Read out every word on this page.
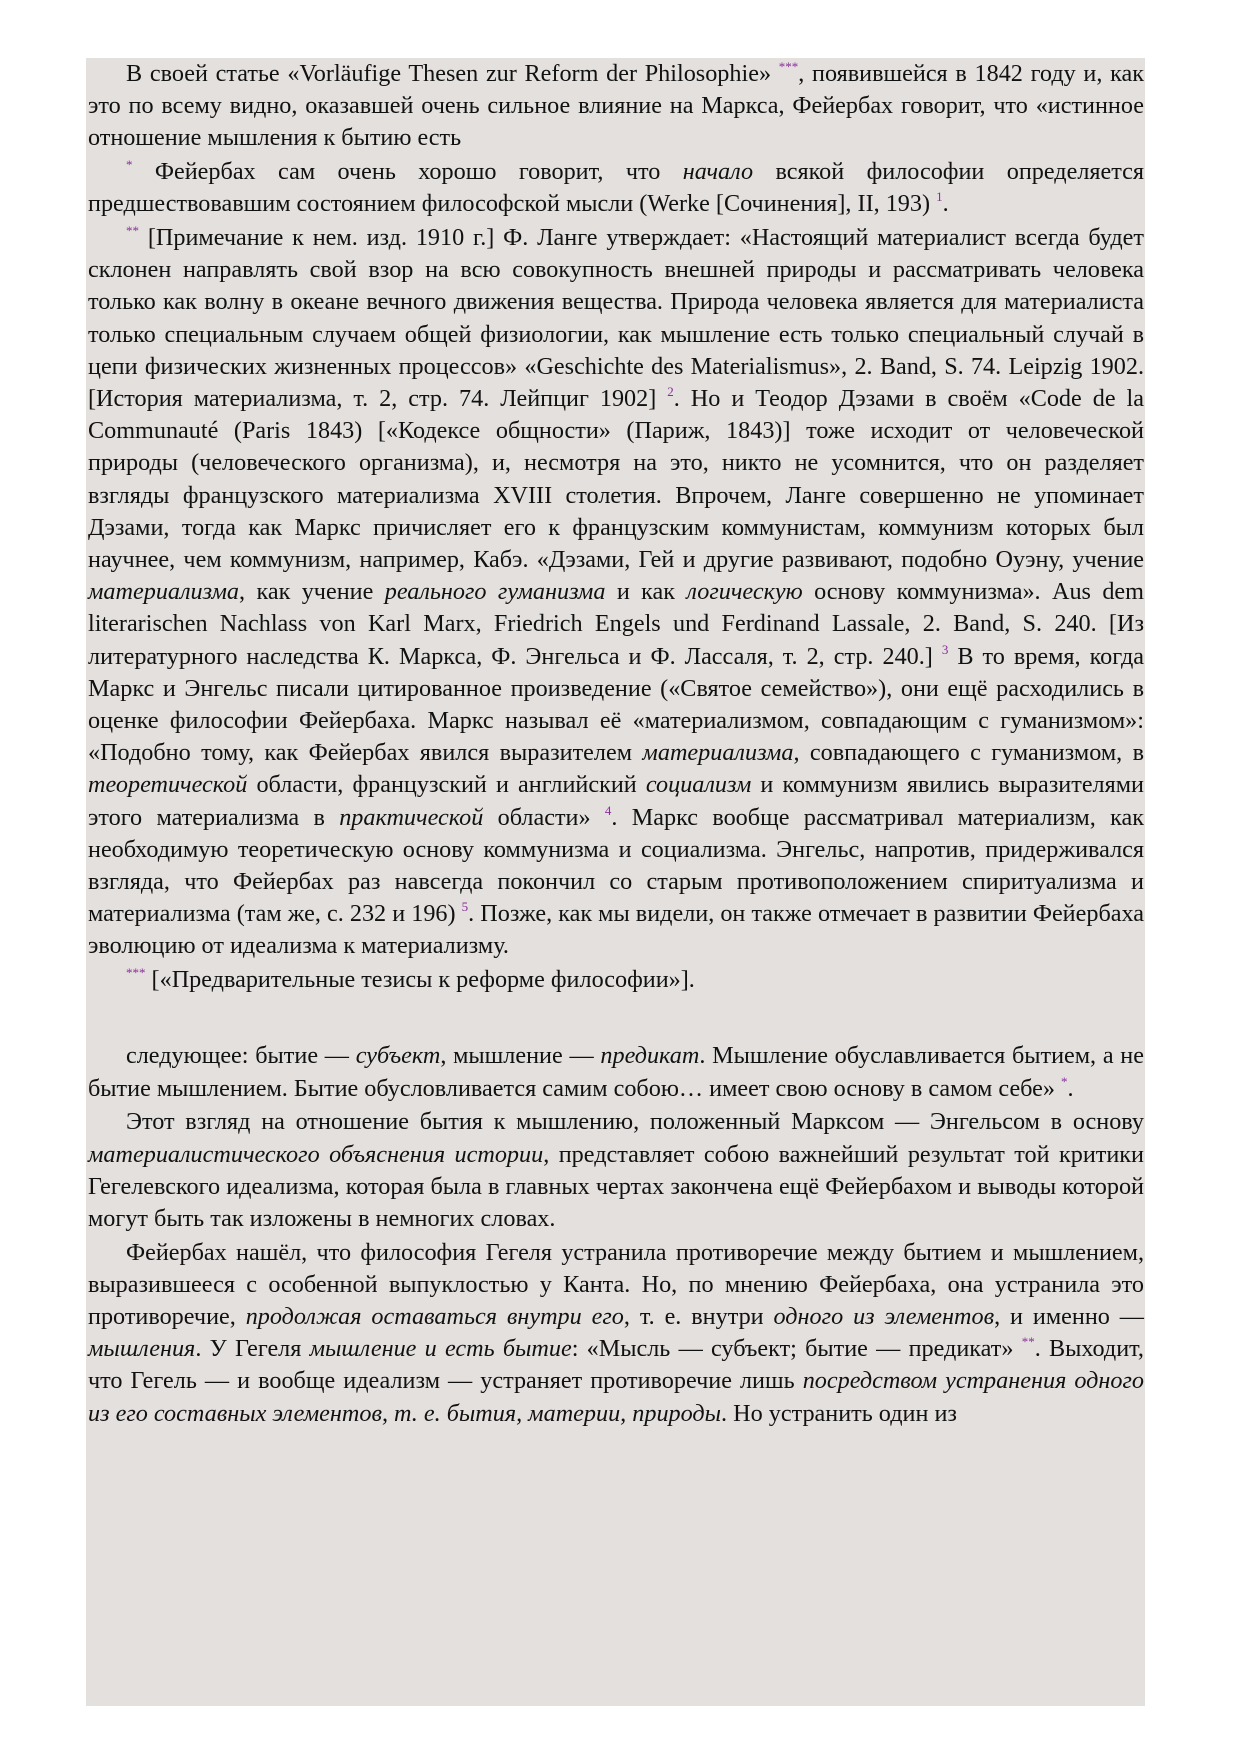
В своей статье «Vorläufige Thesen zur Reform der Philosophie» ***, появившейся в 1842 году и, как это по всему видно, оказавшей очень сильное влияние на Маркса, Фейербах говорит, что «истинное отношение мышления к бытию есть

* Фейербах сам очень хорошо говорит, что начало всякой философии определяется предшествовавшим состоянием философской мысли (Werke [Сочинения], II, 193) $^1$.

** [Примечание к нем. изд. 1910 г.] Ф. Ланге утверждает: «Настоящий материалист всегда будет склонен направлять свой взор на всю совокупность внешней природы и рассматривать человека только как волну в океане вечного движения вещества. Природа человека является для материалиста только специальным случаем общей физиологии, как мышление есть только специальный случай в цепи физических жизненных процессов» «Geschichte des Materialismus», 2. Band, S. 74. Leipzig 1902. [История материализма, т. 2, стр. 74. Лейпциг 1902] $^2$. Но и Теодор Дэзами в своём «Code de la Communauté (Paris 1843) [«Кодексе общности» (Париж, 1843)] тоже исходит от человеческой природы (человеческого организма), и, несмотря на это, никто не усомнится, что он разделяет взгляды французского материализма XVIII столетия. Впрочем, Ланге совершенно не упоминает Дэзами, тогда как Маркс причисляет его к французским коммунистам, коммунизм которых был научнее, чем коммунизм, например, Кабэ. «Дэзами, Гей и другие развивают, подобно Оуэну, учение материализма, как учение реального гуманизма и как логическую основу коммунизма». Aus dem literarischen Nachlass von Karl Marx, Friedrich Engels und Ferdinand Lassale, 2. Band, S. 240. [Из литературного наследства К. Маркса, Ф. Энгельса и Ф. Лассаля, т. 2, стр. 240.] $^3$ В то время, когда Маркс и Энгельс писали цитированное произведение («Святое семейство»), они ещё расходились в оценке философии Фейербаха. Маркс называл её «материализмом, совпадающим с гуманизмом»: «Подобно тому, как Фейербах явился выразителем материализма, совпадающего с гуманизмом, в теоретической области, французский и английский социализм и коммунизм явились выразителями этого материализма в практической области» $^4$. Маркс вообще рассматривал материализм, как необходимую теоретическую основу коммунизма и социализма. Энгельс, напротив, придерживался взгляда, что Фейербах раз навсегда покончил со старым противоположением спиритуализма и материализма (там же, с. 232 и 196) $^5$. Позже, как мы видели, он также отмечает в развитии Фейербаха эволюцию от идеализма к материализму.

*** [«Предварительные тезисы к реформе философии»].

следующее: бытие — субъект, мышление — предикат. Мышление обуславливается бытием, а не бытие мышлением. Бытие обусловливается самим собою… имеет свою основу в самом себе» *.

Этот взгляд на отношение бытия к мышлению, положенный Марксом — Энгельсом в основу материалистического объяснения истории, представляет собою важнейший результат той критики Гегелевского идеализма, которая была в главных чертах закончена ещё Фейербахом и выводы которой могут быть так изложены в немногих словах.

Фейербах нашёл, что философия Гегеля устранила противоречие между бытием и мышлением, выразившееся с особенной выпуклостью у Канта. Но, по мнению Фейербаха, она устранила это противоречие, продолжая оставаться внутри его, т. е. внутри одного из элементов, и именно — мышления. У Гегеля мышление и есть бытие: «Мысль — субъект; бытие — предикат» **. Выходит, что Гегель — и вообще идеализм — устраняет противоречие лишь посредством устранения одного из его составных элементов, т. е. бытия, материи, природы. Но устранить один из
